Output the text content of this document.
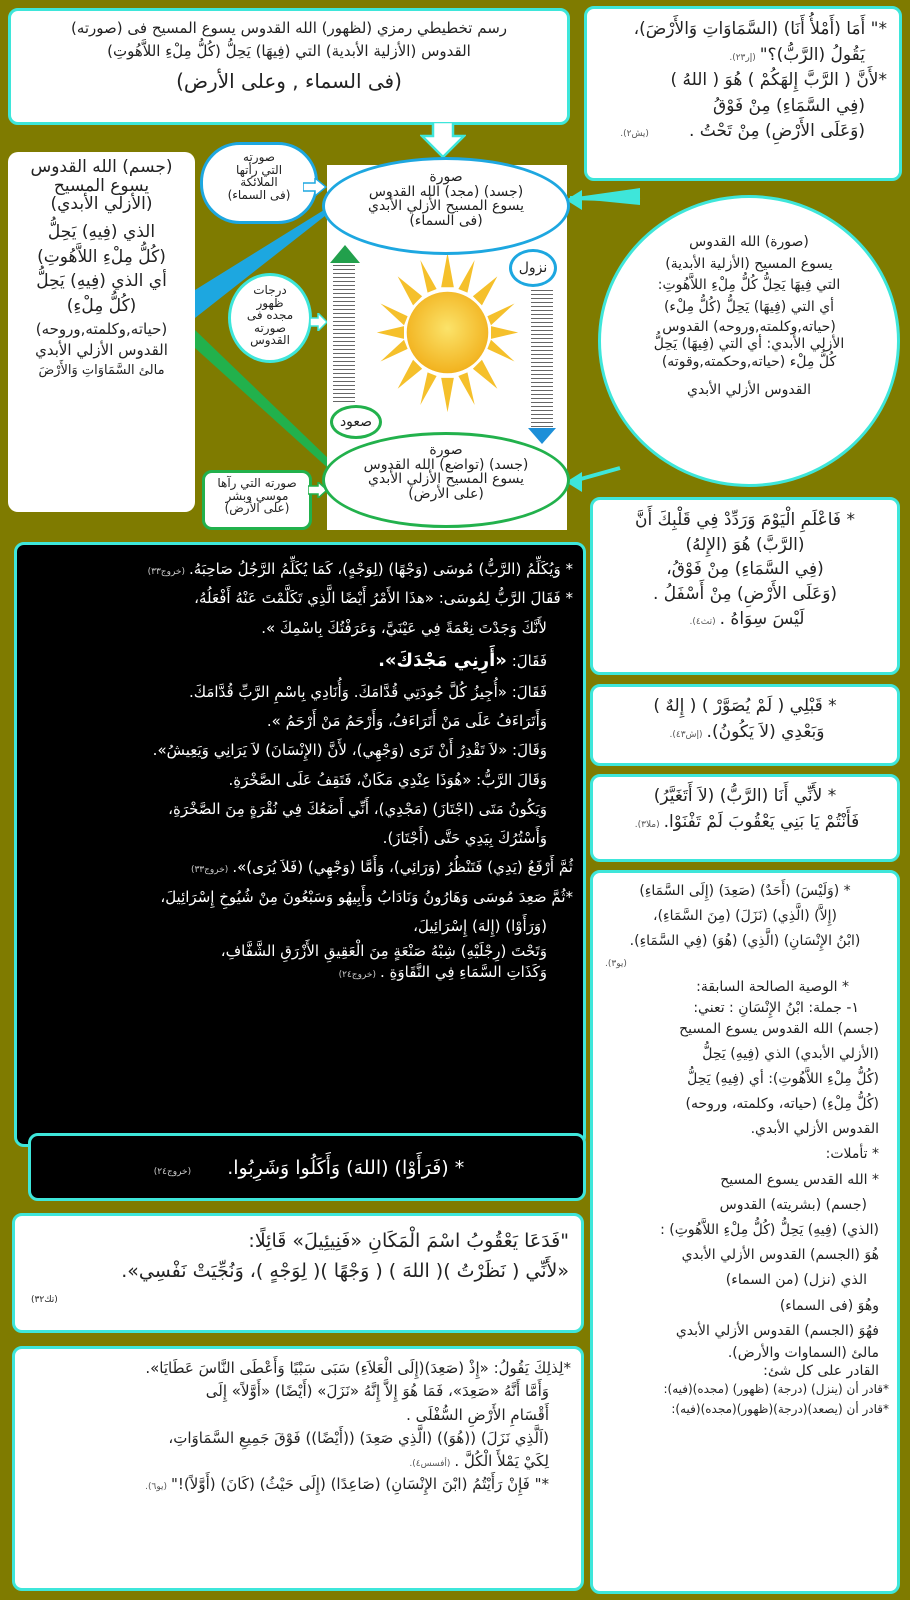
رسم تخطيطي رمزي (لظهور) الله القدوس يسوع المسيح فى (صورته)
القدوس (الأزلية الأبدية) التي (فِيهَا) يَحِلُّ (كُلُّ مِلْءِ اللاَّهُوتِ)
(فى السماء , وعلى الأرض)
*" أَمَا (أَمْلأُ أَنَا) (السَّمَاوَاتِ وَالأَرْضَ)،
يَقُولُ (الرَّبُّ)؟"(إر٢٣).
*لأَنَّ ( الرَّبَّ إِلهَكُمْ ) هُوَ ( اللهُ )
(فِي السَّمَاءِ) مِنْ فَوْقُ
(وَعَلَى الأَرْضِ) مِنْ تَحْتُ .(يش٢).
(جسم) الله القدوس
يسوع المسيح
(الأزلي الأبدي)
الذي (فِيهِ) يَحِلُّ
(كُلُّ مِلْءِ اللاَّهُوتِ)
أي الذي (فِيهِ) يَحِلُّ
(كُلُّ مِلْءِ)
(حياته,وكلمته,وروحه)
القدوس الأزلي الأبدي
مالئ السَّمَاوَاتِ وَالأَرْضَ
صورته
التي رأتها
الملائكة
(فى السماء)
درجات
ظهور
مجده فى
صورته
القدوس
صورته التي رآها
موسي وبشر
(على الأرض)
صورة
(جسد) (مجد) الله القدوس
يسوع المسيح الأزلي الأبدي
(فى السماء)
نزول
صعود
صورة
(جسد) (تواضع) الله القدوس
يسوع المسيح الأزلي الأبدي
(على الأرض)
(صورة) الله القدوس
يسوع المسيح (الأزلية الأبدية)
التي فِيهَا يَحِلُّ كُلُّ مِلْءِ اللاَّهُوتِ:
أي التي (فِيهَا) يَحِلُّ (كُلُّ مِلْء)
(حياته,وكلمته,وروحه) القدوس
الأزلي الأبدي: أي التي (فِيهَا) يَحِلُّ
كُلُّ مِلْء (حياته,وحكمته,وقوته)
القدوس الأزلي الأبدي
* فَاعْلَمِ الْيَوْمَ وَرَدِّدْ فِي قَلْبِكَ أَنَّ
(الرَّبَّ) هُوَ (الإِلهُ)
(فِي السَّمَاءِ) مِنْ فَوْقُ،
(وَعَلَى الأَرْضِ) مِنْ أَسْفَلُ .
لَيْسَ سِوَاهُ .(تث٤).
* قَبْلِي ( لَمْ يُصَوَّرْ ) ( إِلهٌ )
وَبَعْدِي (لاَ يَكُونُ).(إش٤٣).
* لأَنِّي أَنَا (الرَّبُّ) (لاَ أَتَغَيَّرُ)
فَأَنْتُمْ يَا بَنِي يَعْقُوبَ لَمْ تَفْنَوْا.(ملا٣).
* (وَلَيْسَ) (أَحَدٌ) (صَعِدَ) (إِلَى السَّمَاءِ)
(إِلاَّ) (الَّذِي) (نَزَلَ) (مِنَ السَّمَاءِ)،
(ابْنُ الإِنْسَانِ) (الَّذِي) (هُوَ) (فِي السَّمَاءِ).
(يو٣).
* الوصية الصالحة السابقة:
١- جملة: ابْنُ الإِنْسَانِ : تعني:
(جسم) الله القدوس يسوع المسيح
(الأزلي الأبدي) الذي (فِيهِ) يَحِلُّ
(كُلُّ مِلْءِ اللاَّهُوتِ): أي (فِيهِ) يَحِلُّ
(كُلُّ مِلْءِ) (حياته، وكلمته، وروحه)
القدوس الأزلي الأبدي.
* تأملات:
* الله القدس يسوع المسيح
(جسم) (بشريته) القدوس
(الذي) (فِيهِ) يَحِلُّ (كُلُّ مِلْءِ اللاَّهُوتِ) :
هُوَ (الجسم) القدوس الأزلي الأبدي
الذي (نزل) (من السماء)
وهُوَ (فى السماء)
فهُوَ (الجسم) القدوس الأزلي الأبدي
مالئ (السماوات والأرض).
القادر على كل شئ:
*قادر أن (ينزل) (درجة) (ظهور) (مجده)(فيه):
*قادر أن (يصعد)(درجة)(ظهور)(مجده)(فيه):
* وَيُكَلِّمُ (الرَّبُّ) مُوسَى (وَجْهًا) (لِوَجْهٍ)، كَمَا يُكَلِّمُ الرَّجُلُ صَاحِبَهُ.(خروج٣٣)
* فَقَالَ الرَّبُّ لِمُوسَى: «هذَا الأَمْرُ أَيْضًا الَّذِي تَكَلَّمْتَ عَنْهُ أَفْعَلُهُ،
لأَنَّكَ وَجَدْتَ نِعْمَةً فِي عَيْنَيَّ، وَعَرَفْتُكَ بِاسْمِكَ ».
فَقَالَ: «أَرِنِي مَجْدَكَ».
فَقَالَ: «أُجِيزُ كُلَّ جُودَتِي قُدَّامَكَ. وَأُنَادِي بِاسْمِ الرَّبِّ قُدَّامَكَ.
وَأَتَرَاءَفُ عَلَى مَنْ أَتَرَاءَفُ، وَأَرْحَمُ مَنْ أَرْحَمُ ».
وَقَالَ: «لاَ تَقْدِرُ أَنْ تَرَى (وَجْهِي)، لأَنَّ (الإِنْسَانَ) لاَ يَرَانِي وَيَعِيشُ».
وَقَالَ الرَّبُّ: «هُوَذَا عِنْدِي مَكَانٌ، فَتَقِفُ عَلَى الصَّخْرَةِ.
وَيَكُونُ مَتَى (اجْتَازَ) (مَجْدِي)، أَنِّي أَضَعُكَ فِي نُقْرَةٍ مِنَ الصَّخْرَةِ،
وَأَسْتُرُكَ بِيَدِي حَتَّى (أَجْتَازَ).
ثُمَّ أَرْفَعُ (يَدِي) فَتَنْظُرُ (وَرَائِي)، وَأَمَّا (وَجْهِي) (فَلاَ يُرَى)».(خروج٣٣)
*ثُمَّ صَعِدَ مُوسَى وَهَارُونُ وَنَادَابُ وَأَبِيهُو وَسَبْعُونَ مِنْ شُيُوخِ إِسْرَائِيلَ،
(وَرَأَوْا) (إِلهَ) إِسْرَائِيلَ،
وَتَحْتَ (رِجْلَيْهِ) شِبْهُ صَنْعَةٍ مِنَ الْعَقِيقِ الأَزْرَقِ الشَّفَّافِ،
وَكَذَاتِ السَّمَاءِ فِي النَّقَاوَةِ .(خروج٢٤)
* (فَرَأَوْا) (اللهَ) وَأَكَلُوا وَشَرِبُوا. (خروج٢٤)
"فَدَعَا يَعْقُوبُ اسْمَ الْمَكَانِ «فَنِيئِيلَ» قَائِلًا:
«لأَنِّي ( نَظَرْتُ )( اللهَ ) ( وَجْهًا )( لِوَجْهٍ )، وَنُجِّيَتْ نَفْسِي».
(تك٣٢)
*لِذلِكَ يَقُولُ: «إِذْ (صَعِدَ)(إِلَى الْعَلاَءِ) سَبَى سَبْيًا وَأَعْطَى النَّاسَ عَطَايَا».
وَأَمَّا أَنَّهُ «صَعِدَ»، فَمَا هُوَ إِلاَّ إِنَّهُ «نَزَلَ» (أَيْضًا) «أَوَّلاً» إِلَى
أَقْسَامِ الأَرْضِ السُّفْلَى .
(اَلَّذِي نَزَلَ) ((هُوَ)) (الَّذِي صَعِدَ) ((أَيْضًا)) فَوْقَ جَمِيعِ السَّمَاوَاتِ،
لِكَيْ يَمْلأَ الْكُلَّ .(أفسس٤).
*" فَإِنْ رَأَيْتُمُ (ابْنَ الإِنْسَانِ) (صَاعِدًا) (إِلَى حَيْثُ) (كَانَ) (أَوَّلاً)!"(يو٦).
